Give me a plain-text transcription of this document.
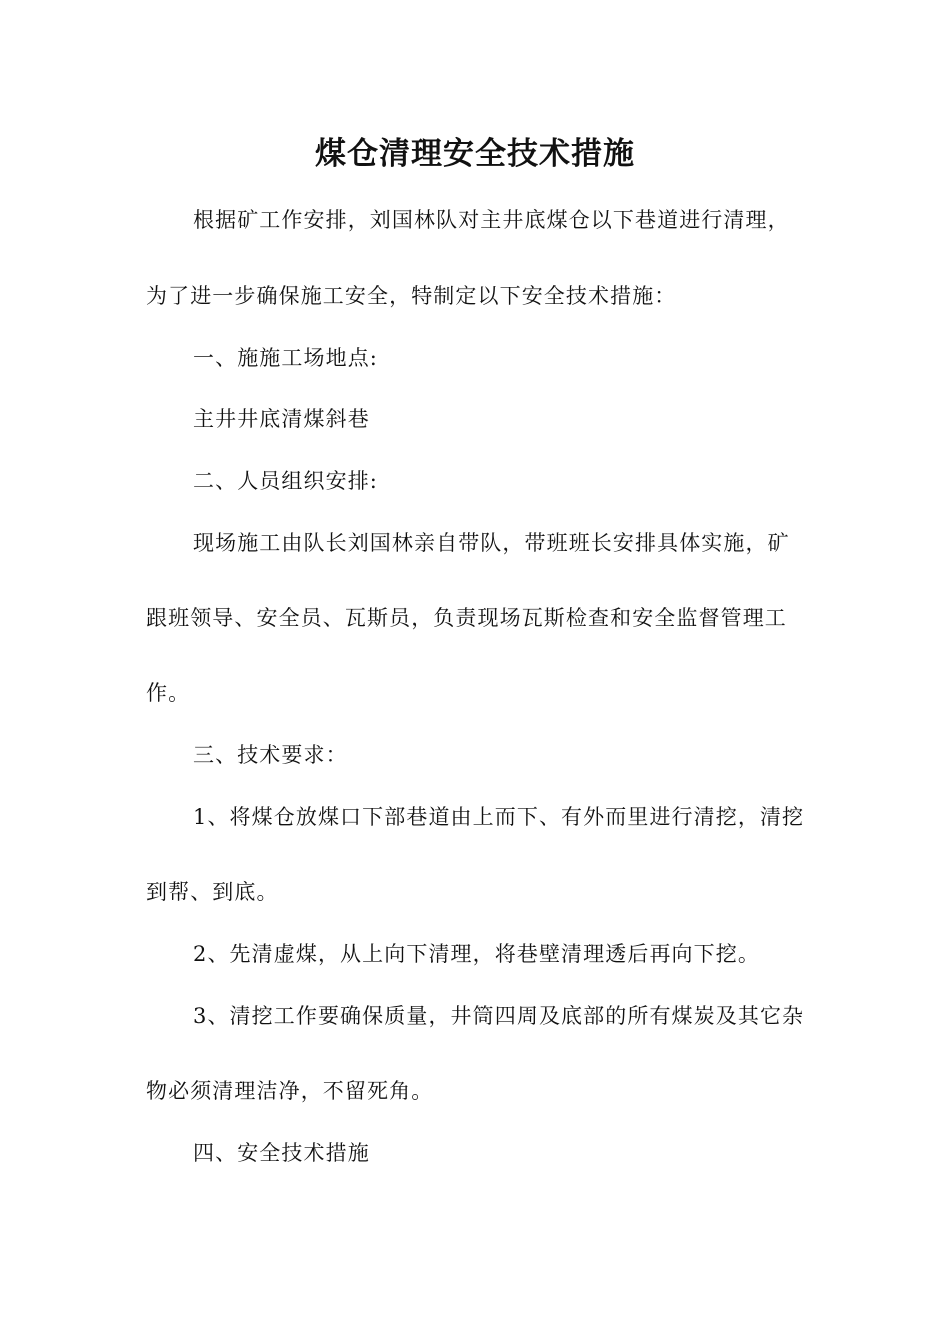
煤仓清理安全技术措施
根据矿工作安排，刘国林队对主井底煤仓以下巷道进行清理，
为了进一步确保施工安全，特制定以下安全技术措施：
一、施施工场地点:
主井井底清煤斜巷
二、人员组织安排:
现场施工由队长刘国林亲自带队，带班班长安排具体实施，矿
跟班领导、安全员、瓦斯员，负责现场瓦斯检查和安全监督管理工
作。
三、技术要求：
1、将煤仓放煤口下部巷道由上而下、有外而里进行清挖，清挖
到帮、到底。
2、先清虚煤，从上向下清理，将巷壁清理透后再向下挖。
3、清挖工作要确保质量，井筒四周及底部的所有煤炭及其它杂
物必须清理洁净，不留死角。
四、安全技术措施
